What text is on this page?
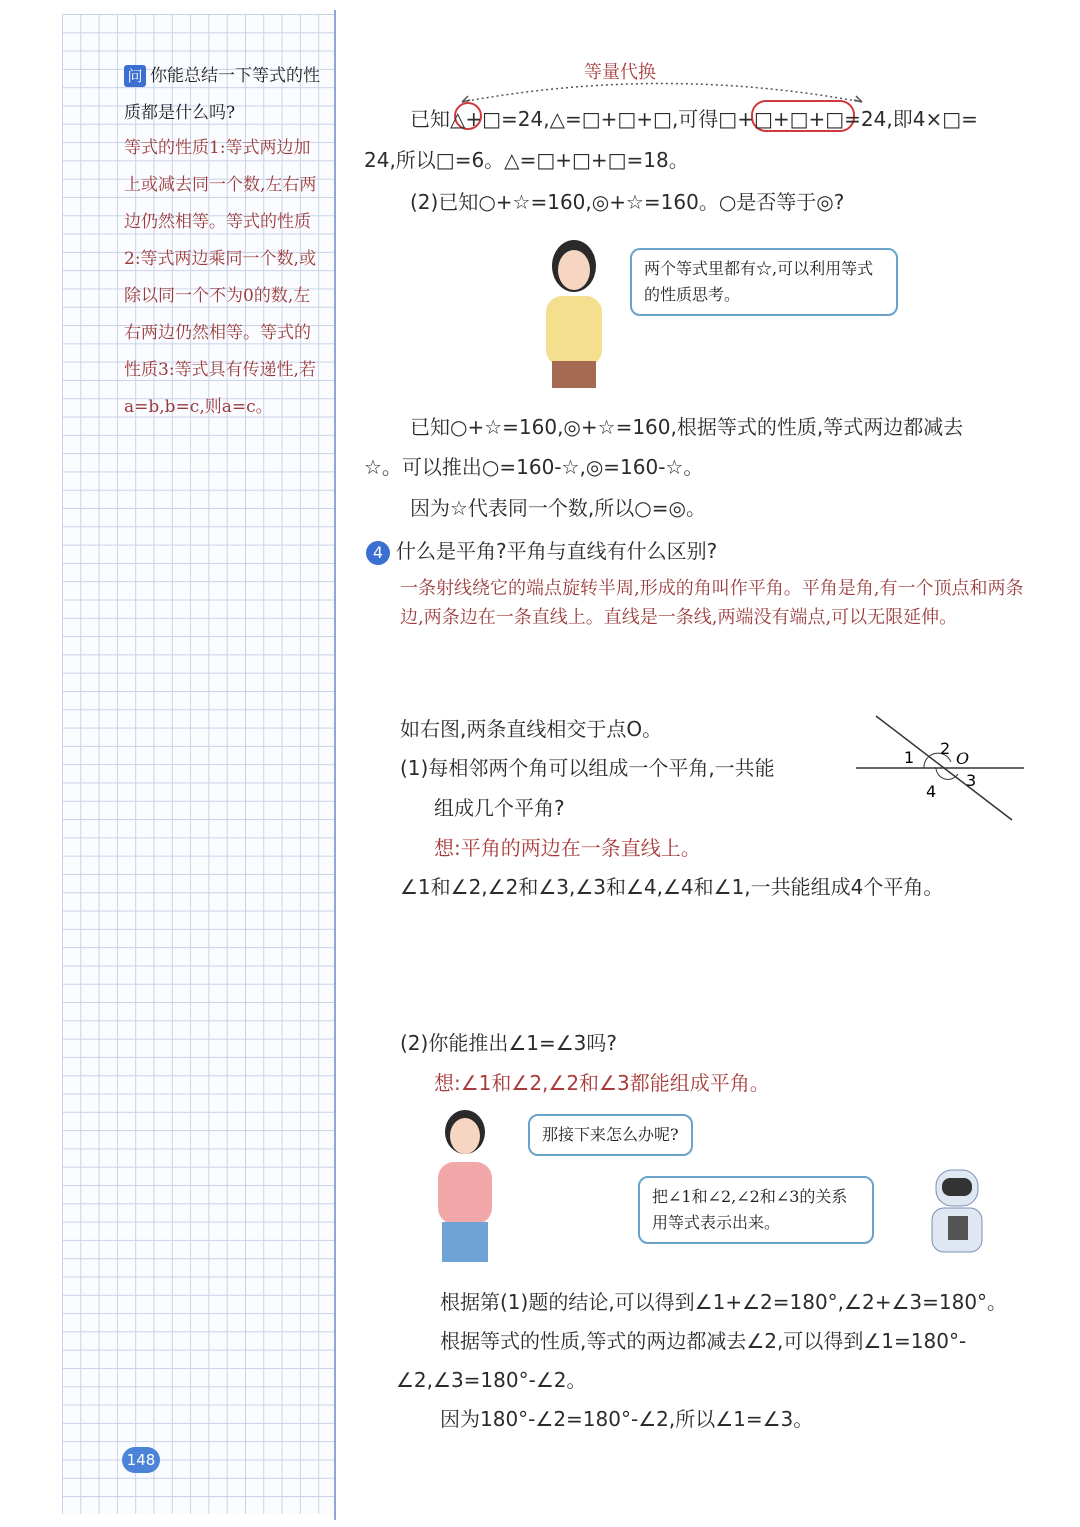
问 你能总结一下等式的性质都是什么吗?
等式的性质1:等式两边加上或减去同一个数,左右两边仍然相等。等式的性质2:等式两边乘同一个数,或除以同一个不为0的数,左右两边仍然相等。等式的性质3:等式具有传递性,若a=b,b=c,则a=c。
等量代换
已知△+□=24,△=□+□+□,可得□+□+□+□=24,即4×□=
24,所以□=6。△=□+□+□=18。
(2)已知○+☆=160,◎+☆=160。○是否等于◎?
两个等式里都有☆,可以利用等式的性质思考。
已知○+☆=160,◎+☆=160,根据等式的性质,等式两边都减去
☆。可以推出○=160-☆,◎=160-☆。
因为☆代表同一个数,所以○=◎。
4 什么是平角?平角与直线有什么区别?
一条射线绕它的端点旋转半周,形成的角叫作平角。平角是角,有一个顶点和两条边,两条边在一条直线上。直线是一条线,两端没有端点,可以无限延伸。
如右图,两条直线相交于点O。
(1)每相邻两个角可以组成一个平角,一共能
组成几个平角?
想:平角的两边在一条直线上。
∠1和∠2,∠2和∠3,∠3和∠4,∠4和∠1,一共能组成4个平角。
1 2
O
3
4
(2)你能推出∠1=∠3吗?
想:∠1和∠2,∠2和∠3都能组成平角。
那接下来怎么办呢?
把∠1和∠2,∠2和∠3的关系用等式表示出来。
根据第(1)题的结论,可以得到∠1+∠2=180°,∠2+∠3=180°。
根据等式的性质,等式的两边都减去∠2,可以得到∠1=180°-
∠2,∠3=180°-∠2。
因为180°-∠2=180°-∠2,所以∠1=∠3。
148
